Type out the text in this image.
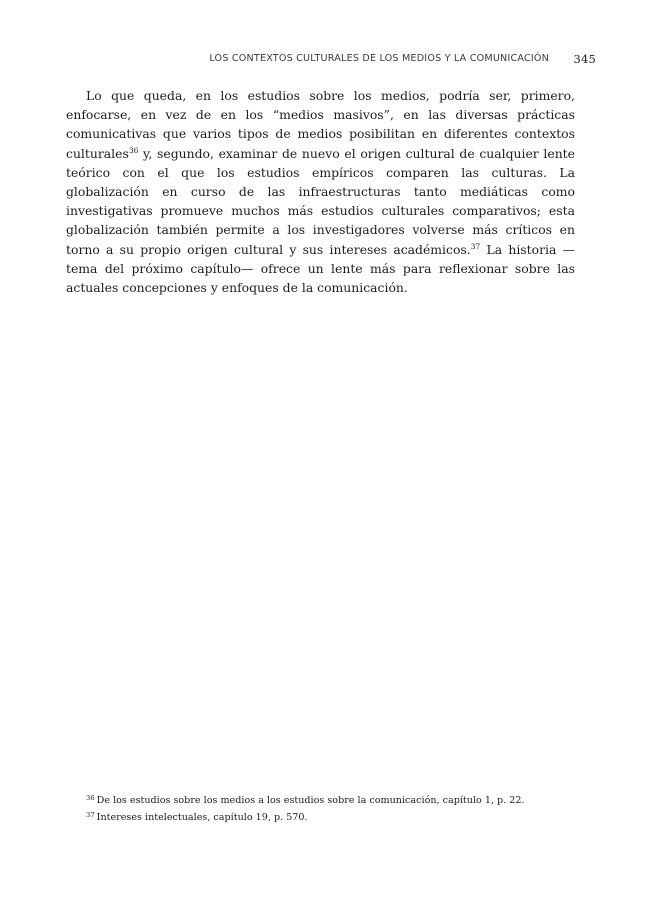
LOS CONTEXTOS CULTURALES DE LOS MEDIOS Y LA COMUNICACIÓN 345

Lo que queda, en los estudios sobre los medios, podría ser, primero, enfocarse, en vez de en los “medios masivos”, en las diversas prácticas comunicativas que varios tipos de medios posibilitan en diferentes contextos culturales$^{36}$ y, segundo, examinar de nuevo el origen cultural de cualquier lente teórico con el que los estudios empíricos comparen las culturas. La globalización en curso de las infraestructuras tanto mediáticas como investigativas promueve muchos más estudios culturales comparativos; esta globalización también permite a los investigadores volverse más críticos en torno a su propio origen cultural y sus intereses académicos.$^{37}$ La historia —tema del próximo capítulo— ofrece un lente más para reflexionar sobre las actuales concepciones y enfoques de la comunicación.

$^{36}$ De los estudios sobre los medios a los estudios sobre la comunicación, capítulo 1, p. 22.
$^{37}$ Intereses intelectuales, capítulo 19, p. 570.
